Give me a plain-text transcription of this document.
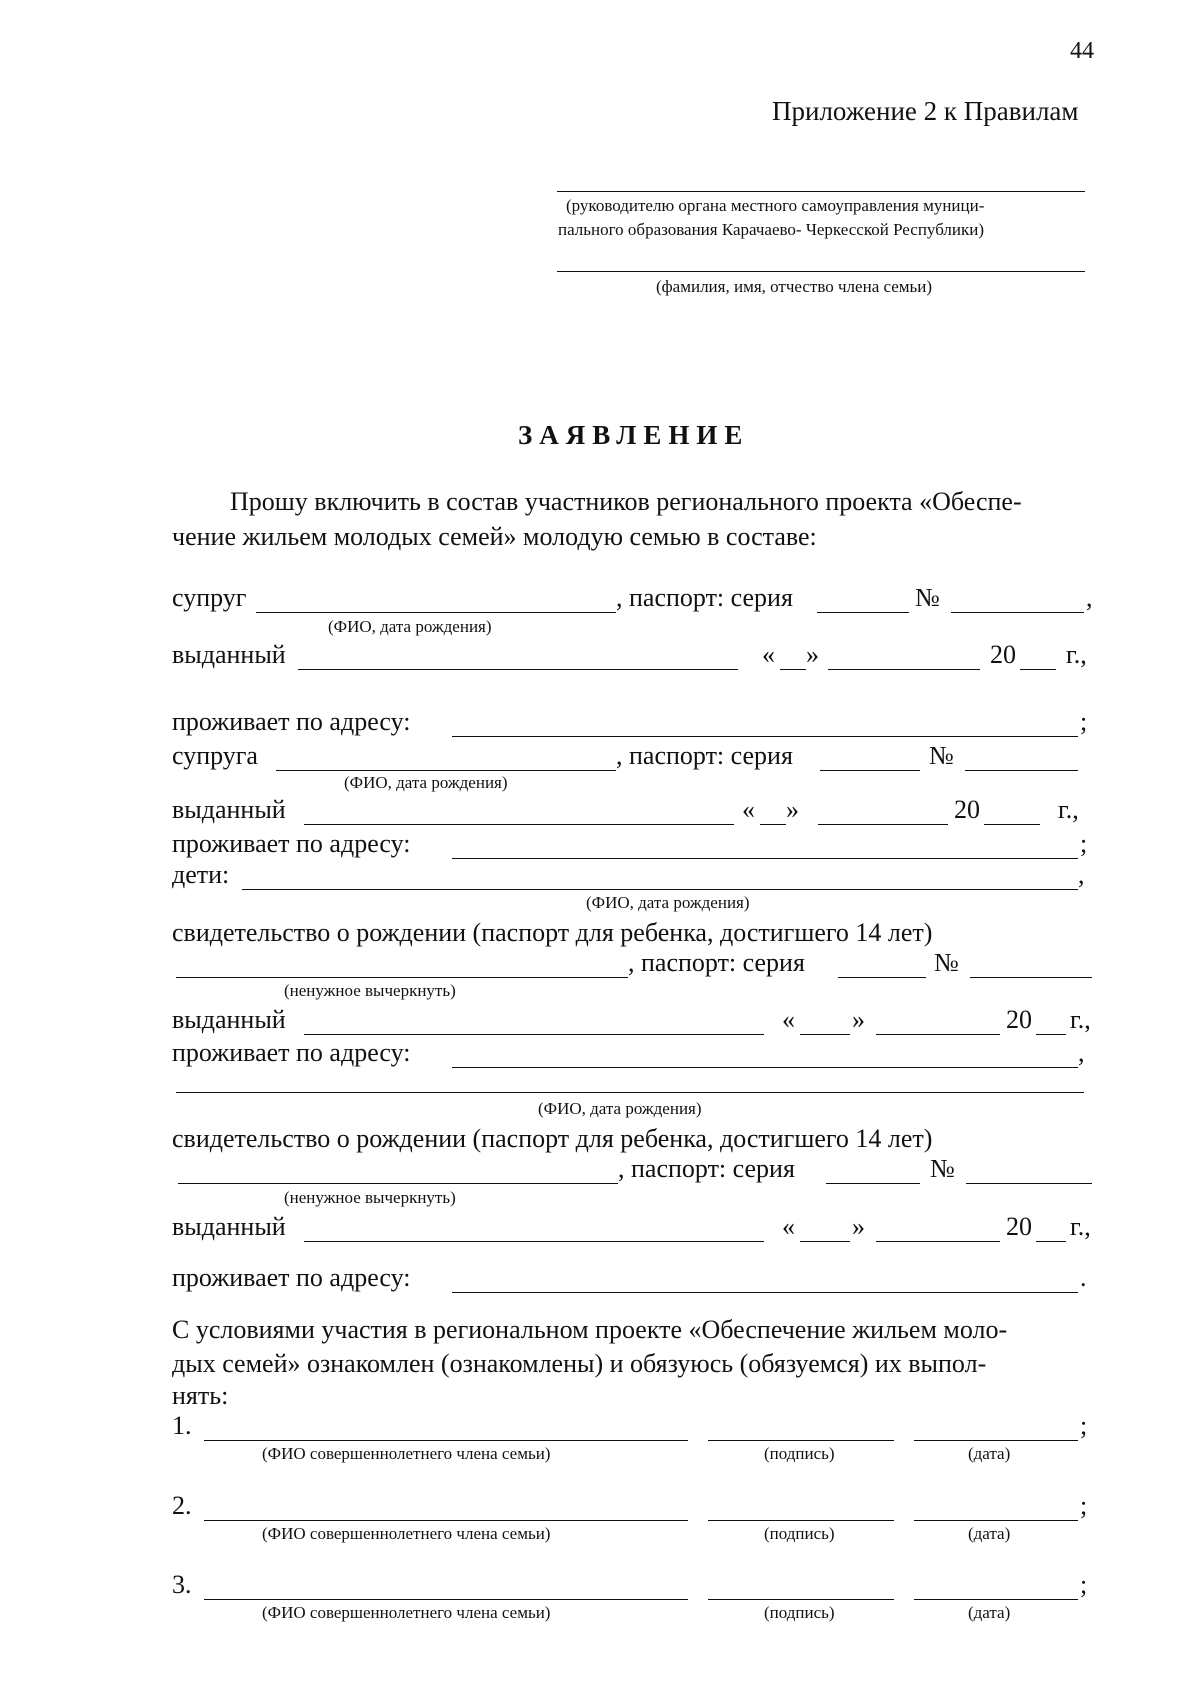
44
Приложение 2 к Правилам
(руководителю органа местного самоуправления муници-
пального образования Карачаево- Черкесской Республики)
(фамилия, имя, отчество члена семьи)
ЗАЯВЛЕНИЕ
Прошу включить в состав участников регионального проекта «Обеспе-
чение жильем молодых семей» молодую семью в составе:
супруг	, паспорт: серия	№	,
(ФИО, дата рождения)
выданный	« »	20 г.,
проживает по адресу:	;
супруга	, паспорт: серия	№
(ФИО, дата рождения)
выданный	« »	20	г.,
проживает по адресу:	;
дети:	,
(ФИО, дата рождения)
свидетельство о рождении (паспорт для ребенка, достигшего 14 лет)
, паспорт: серия	№
(ненужное вычеркнуть)
выданный	« »	20 г.,
проживает по адресу:	,
(ФИО, дата рождения)
свидетельство о рождении (паспорт для ребенка, достигшего 14 лет)
, паспорт: серия	№
(ненужное вычеркнуть)
выданный	« »	20 г.,
проживает по адресу:	.
С условиями участия в региональном проекте «Обеспечение жильем моло-
дых семей» ознакомлен (ознакомлены) и обязуюсь (обязуемся) их выпол-
нять:
1.	;
(ФИО совершеннолетнего члена семьи)	(подпись)	(дата)
2.	;
(ФИО совершеннолетнего члена семьи)	(подпись)	(дата)
3.	;
(ФИО совершеннолетнего члена семьи)	(подпись)	(дата)
